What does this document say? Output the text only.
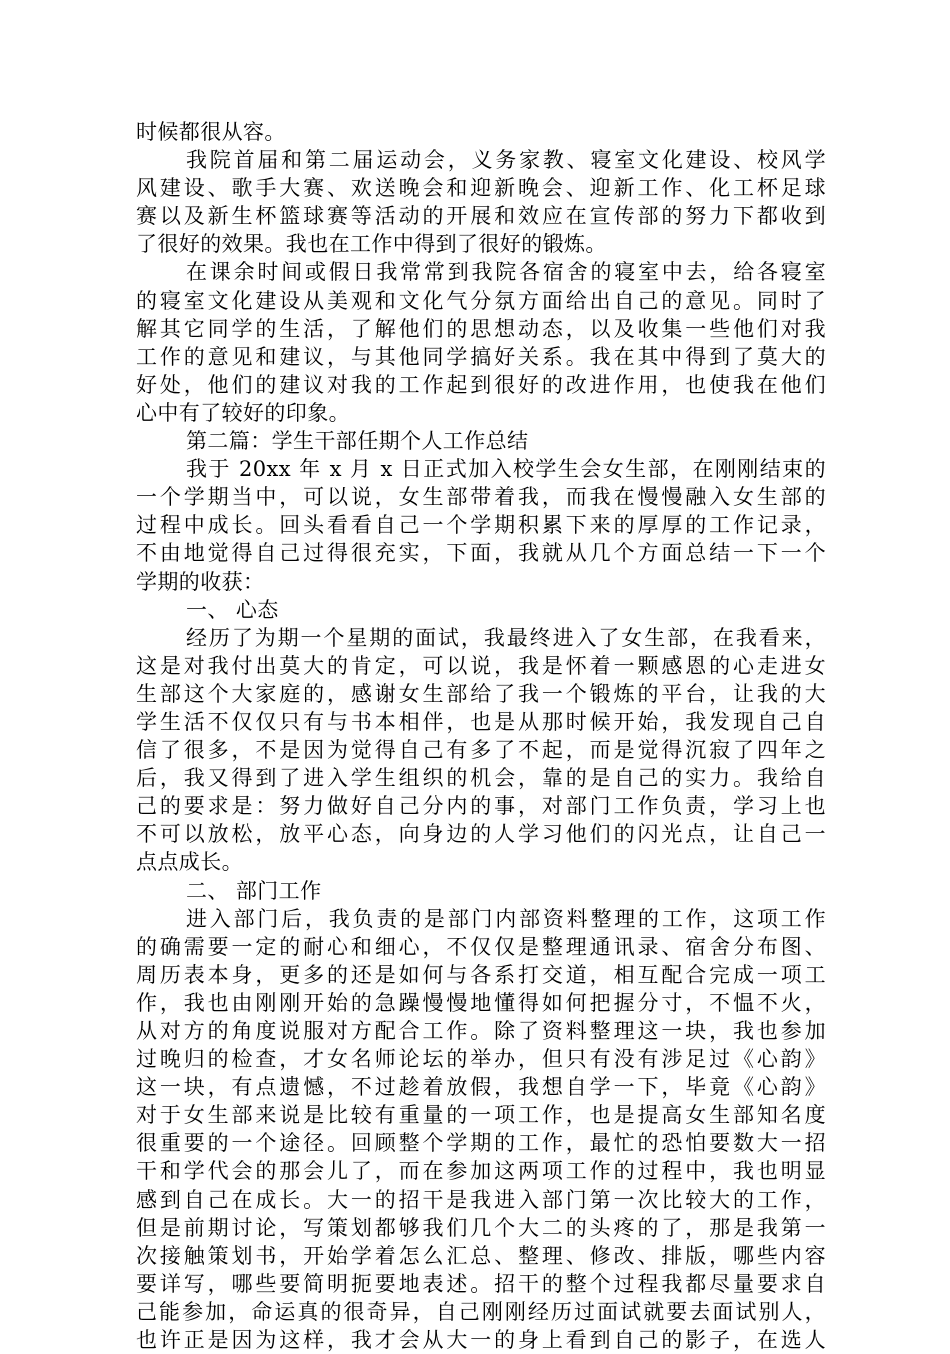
时候都很从容。
我院首届和第二届运动会，义务家教、寝室文化建设、校风学
风建设、歌手大赛、欢送晚会和迎新晚会、迎新工作、化工杯足球
赛以及新生杯篮球赛等活动的开展和效应在宣传部的努力下都收到
了很好的效果。我也在工作中得到了很好的锻炼。
在课余时间或假日我常常到我院各宿舍的寝室中去，给各寝室
的寝室文化建设从美观和文化气分氛方面给出自己的意见。同时了
解其它同学的生活，了解他们的思想动态，以及收集一些他们对我
工作的意见和建议，与其他同学搞好关系。我在其中得到了莫大的
好处，他们的建议对我的工作起到很好的改进作用，也使我在他们
心中有了较好的印象。
第二篇：学生干部任期个人工作总结
我于 20xx 年 x 月 x 日正式加入校学生会女生部，在刚刚结束的
一个学期当中，可以说，女生部带着我，而我在慢慢融入女生部的
过程中成长。回头看看自己一个学期积累下来的厚厚的工作记录，
不由地觉得自己过得很充实，下面，我就从几个方面总结一下一个
学期的收获：
一、 心态
经历了为期一个星期的面试，我最终进入了女生部，在我看来，
这是对我付出莫大的肯定，可以说，我是怀着一颗感恩的心走进女
生部这个大家庭的，感谢女生部给了我一个锻炼的平台，让我的大
学生活不仅仅只有与书本相伴，也是从那时候开始，我发现自己自
信了很多，不是因为觉得自己有多了不起，而是觉得沉寂了四年之
后，我又得到了进入学生组织的机会，靠的是自己的实力。我给自
己的要求是：努力做好自己分内的事，对部门工作负责，学习上也
不可以放松，放平心态，向身边的人学习他们的闪光点，让自己一
点点成长。
二、 部门工作
进入部门后，我负责的是部门内部资料整理的工作，这项工作
的确需要一定的耐心和细心，不仅仅是整理通讯录、宿舍分布图、
周历表本身，更多的还是如何与各系打交道，相互配合完成一项工
作，我也由刚刚开始的急躁慢慢地懂得如何把握分寸，不愠不火，
从对方的角度说服对方配合工作。除了资料整理这一块，我也参加
过晚归的检查，才女名师论坛的举办，但只有没有涉足过《心韵》
这一块，有点遗憾，不过趁着放假，我想自学一下，毕竟《心韵》
对于女生部来说是比较有重量的一项工作，也是提高女生部知名度
很重要的一个途径。回顾整个学期的工作，最忙的恐怕要数大一招
干和学代会的那会儿了，而在参加这两项工作的过程中，我也明显
感到自己在成长。大一的招干是我进入部门第一次比较大的工作，
但是前期讨论，写策划都够我们几个大二的头疼的了，那是我第一
次接触策划书，开始学着怎么汇总、整理、修改、排版，哪些内容
要详写，哪些要简明扼要地表述。招干的整个过程我都尽量要求自
己能参加，命运真的很奇异，自己刚刚经历过面试就要去面试别人，
也许正是因为这样，我才会从大一的身上看到自己的影子，在选人
